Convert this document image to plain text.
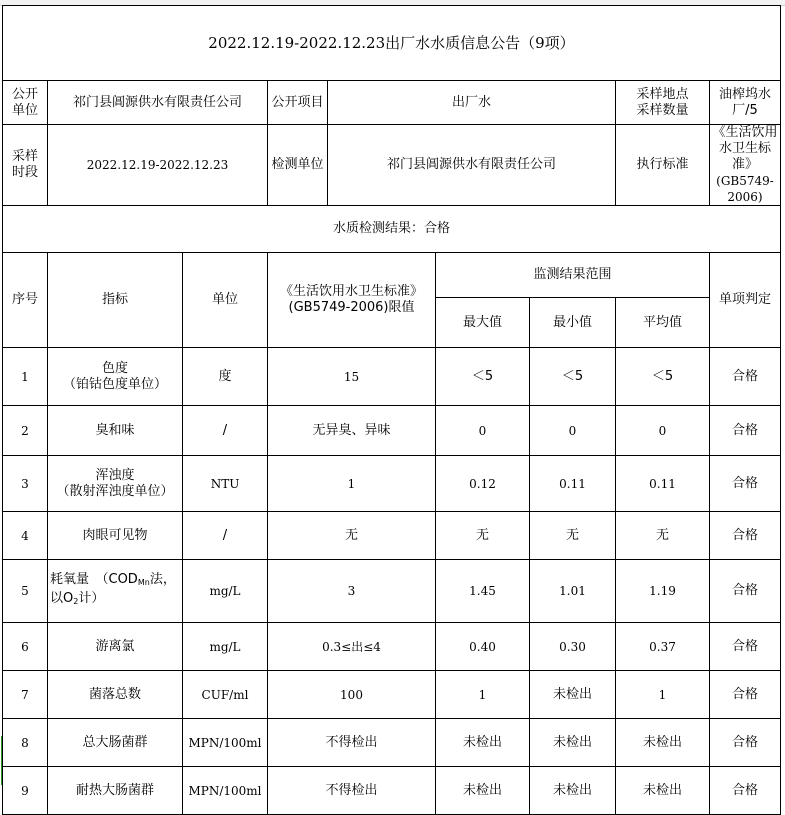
2022.12.19-2022.12.23出厂水水质信息公告（9项）								

公开
单位	祁门县阊源供水有限责任公司		公开项目	出厂水			采样地点
采样数量	油榨坞水厂/5

采样
时段	2022.12.19-2022.12.23		检测单位	祁门县阊源供水有限责任公司			执行标准	《生活饮用水卫生标准》
(GB5749-2006)

水质检测结果：合格								
序号	指标	单位	《生活饮用水卫生标准》
(GB5749-2006)限值		监测结果范围			单项判定
					最大值	最小值	平均值	
1	色度
（铂钴色度单位）	度	15		＜5	＜5	＜5	合格
2	臭和味	/	无异臭、异味		0	0	0	合格
3	浑浊度
（散射浑浊度单位）	NTU	1		0.12	0.11	0.11	合格
4	肉眼可见物	/	无		无	无	无	合格
5	耗氧量　（$COD_{Mn}$法，
以$O_2$计）	mg/L	3		1.45	1.01	1.19	合格
6	游离氯	mg/L	0.3≤出≤4		0.40	0.30	0.37	合格
7	菌落总数	CUF/ml	100		1	未检出	1	合格
8	总大肠菌群	MPN/100ml	不得检出		未检出	未检出	未检出	合格
9	耐热大肠菌群	MPN/100ml	不得检出		未检出	未检出	未检出	合格
